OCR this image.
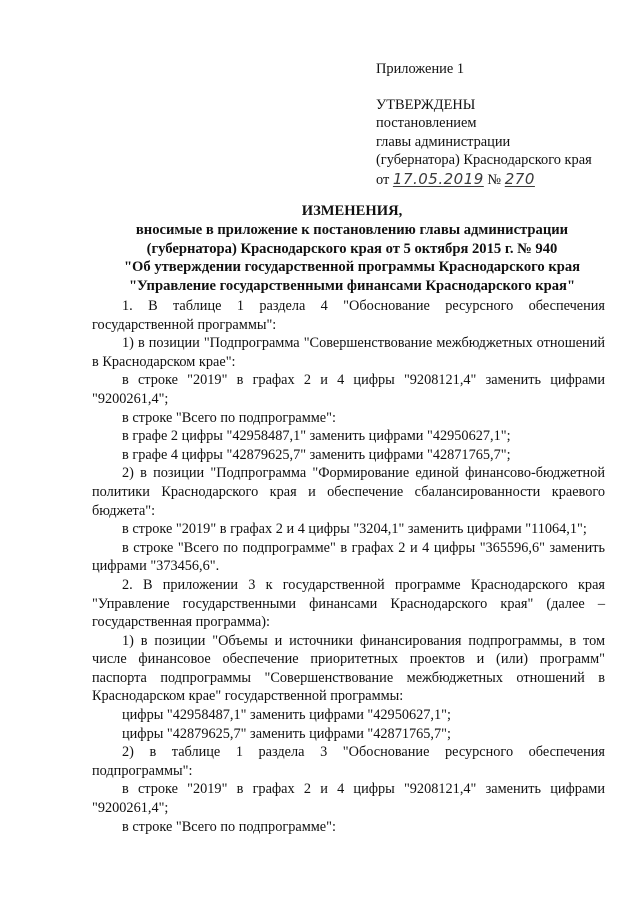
Приложение 1
УТВЕРЖДЕНЫ
постановлением
главы администрации
(губернатора) Краснодарского края
от 17.05.2019 № 270
ИЗМЕНЕНИЯ,
вносимые в приложение к постановлению главы администрации
(губернатора) Краснодарского края от 5 октября 2015 г. № 940
"Об утверждении государственной программы Краснодарского края
"Управление государственными финансами Краснодарского края"

1. В таблице 1 раздела 4 "Обоснование ресурсного обеспечения государственной программы":

1) в позиции "Подпрограмма "Совершенствование межбюджетных отношений в Краснодарском крае":

в строке "2019" в графах 2 и 4 цифры "9208121,4" заменить цифрами "9200261,4";

в строке "Всего по подпрограмме":

в графе 2 цифры "42958487,1" заменить цифрами "42950627,1";

в графе 4 цифры "42879625,7" заменить цифрами "42871765,7";

2) в позиции "Подпрограмма "Формирование единой финансово-бюджетной политики Краснодарского края и обеспечение сбалансированности краевого бюджета":

в строке "2019" в графах 2 и 4 цифры "3204,1" заменить цифрами "11064,1";

в строке "Всего по подпрограмме" в графах 2 и 4 цифры "365596,6" заменить цифрами "373456,6".

2. В приложении 3 к государственной программе Краснодарского края "Управление государственными финансами Краснодарского края" (далее – государственная программа):

1) в позиции "Объемы и источники финансирования подпрограммы, в том числе финансовое обеспечение приоритетных проектов и (или) программ" паспорта подпрограммы "Совершенствование межбюджетных отношений в Краснодарском крае" государственной программы:

цифры "42958487,1" заменить цифрами "42950627,1";

цифры "42879625,7" заменить цифрами "42871765,7";

2) в таблице 1 раздела 3 "Обоснование ресурсного обеспечения подпрограммы":

в строке "2019" в графах 2 и 4 цифры "9208121,4" заменить цифрами "9200261,4";

в строке "Всего по подпрограмме":
